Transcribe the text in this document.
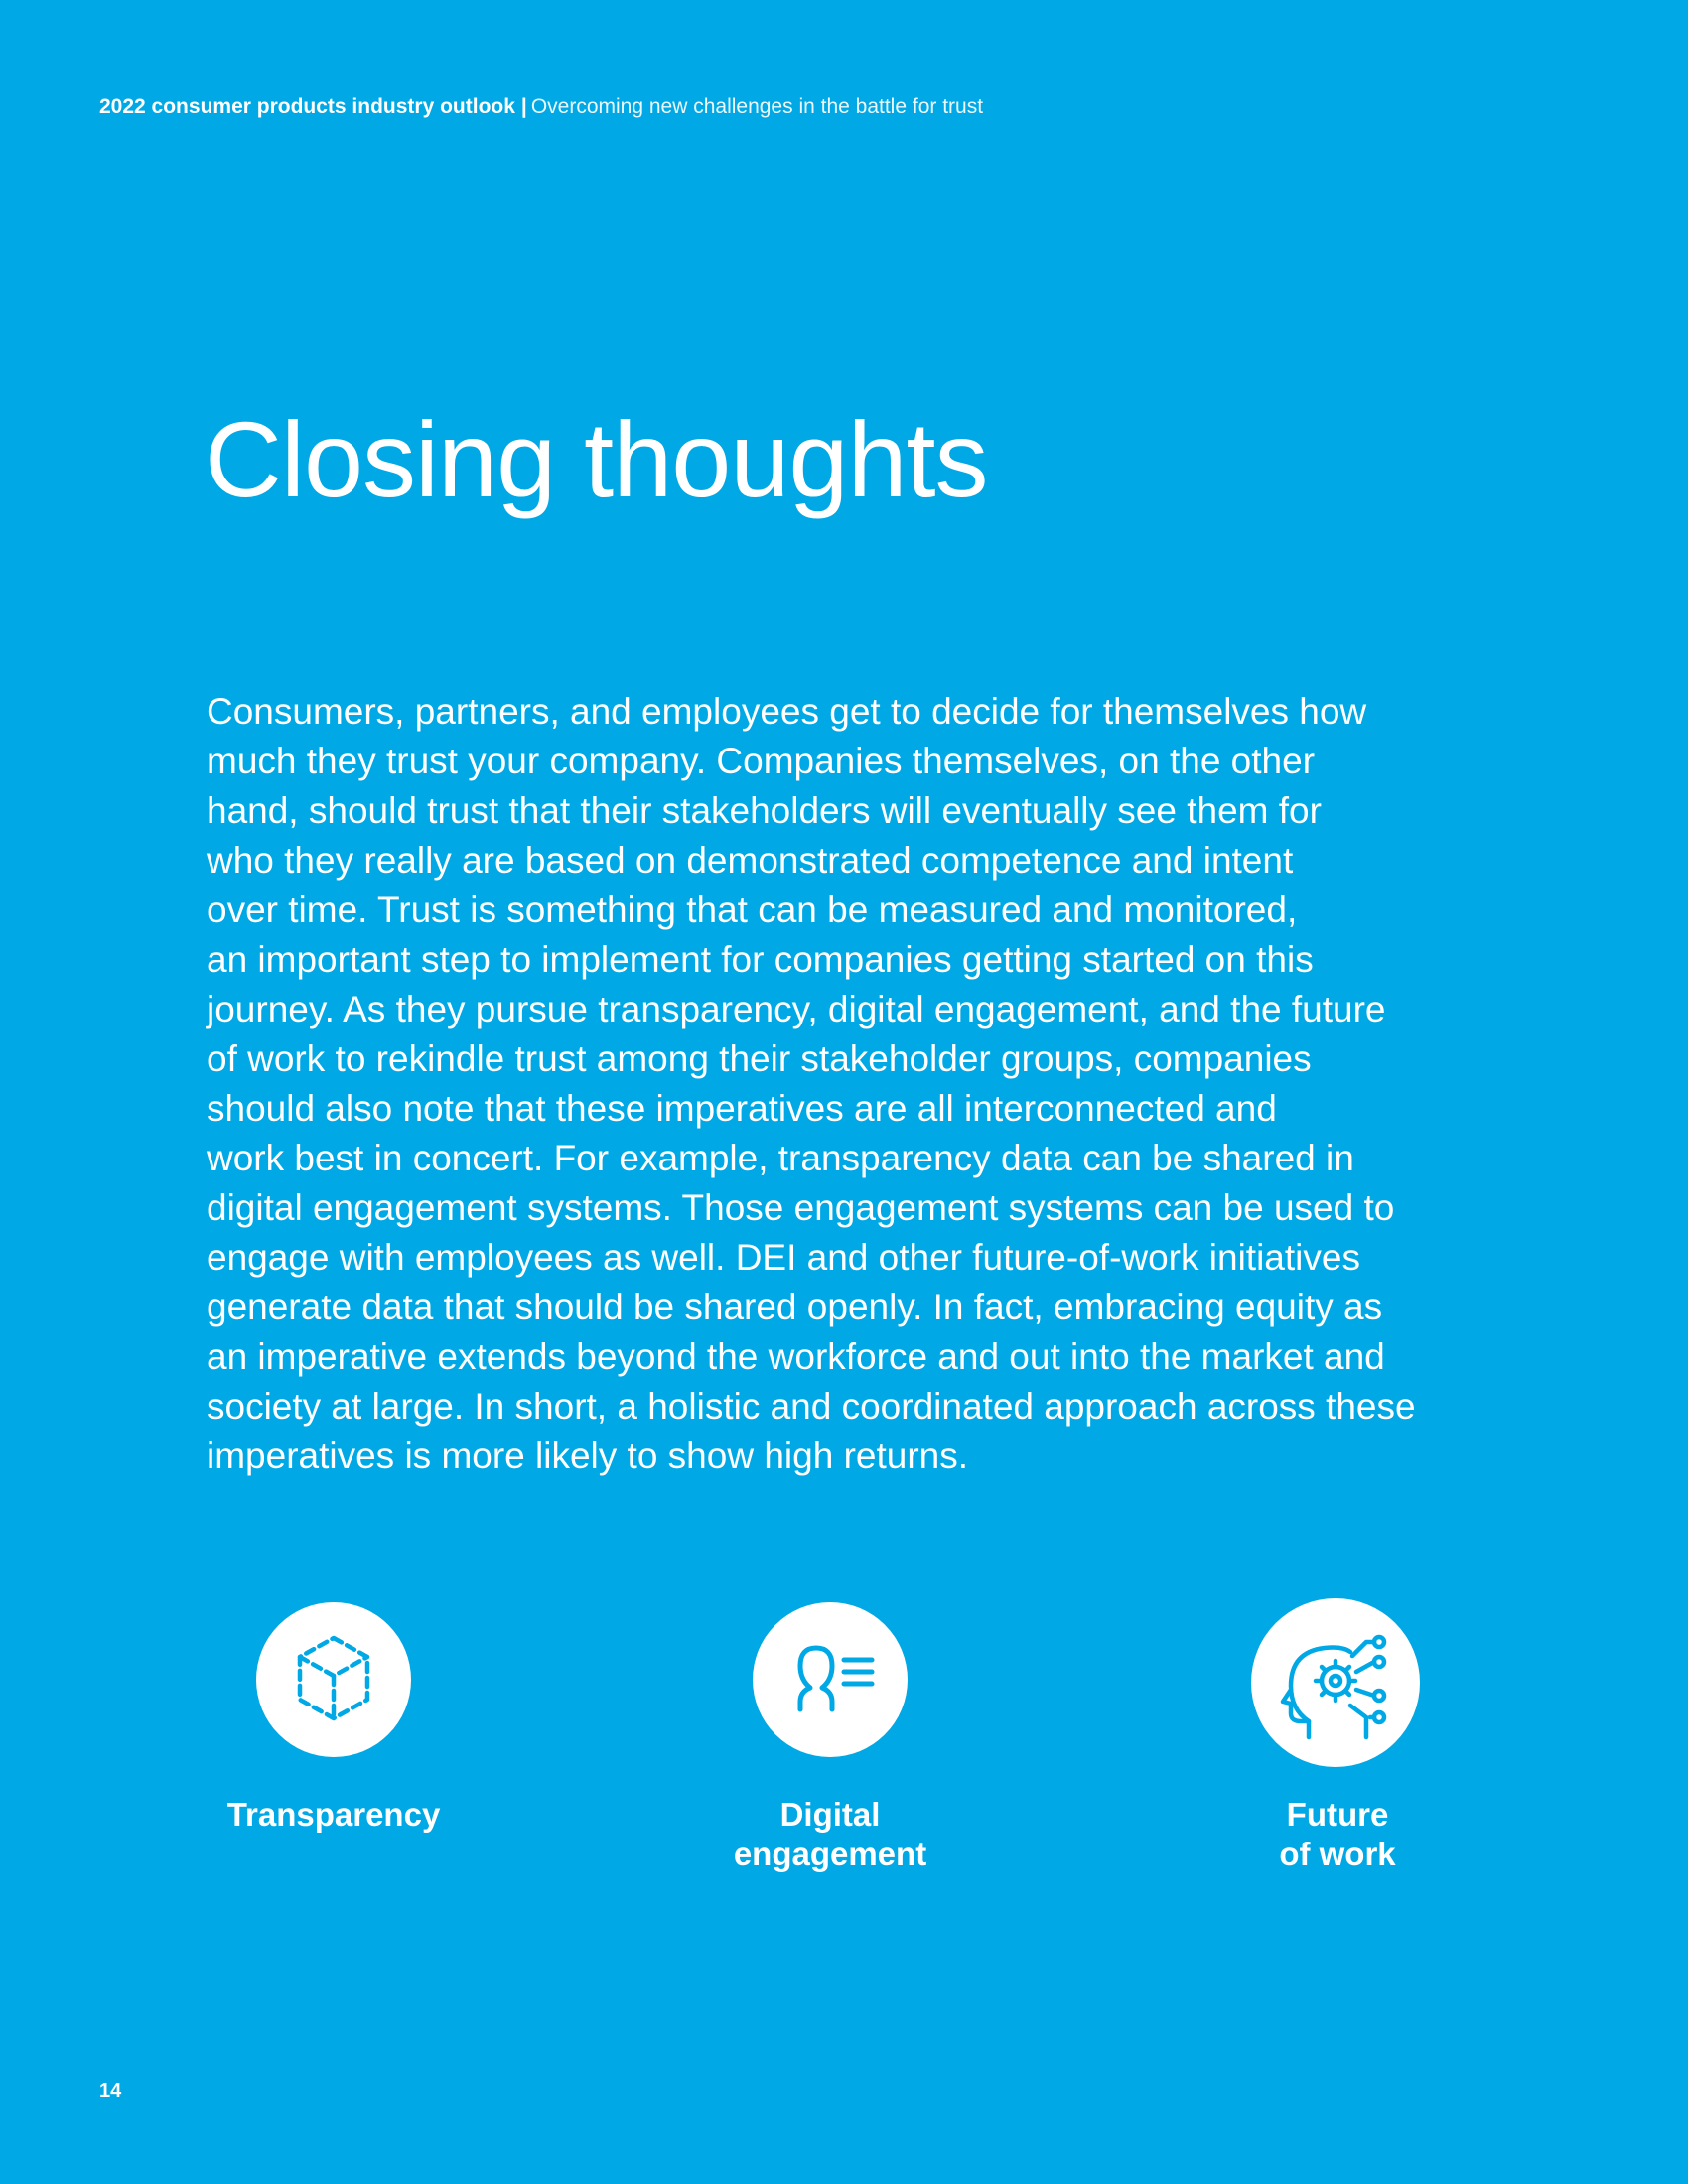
2022 consumer products industry outlook | Overcoming new challenges in the battle for trust
Closing thoughts

Consumers, partners, and employees get to decide for themselves how
much they trust your company. Companies themselves, on the other
hand, should trust that their stakeholders will eventually see them for
who they really are based on demonstrated competence and intent
over time. Trust is something that can be measured and monitored,
an important step to implement for companies getting started on this
journey. As they pursue transparency, digital engagement, and the future
of work to rekindle trust among their stakeholder groups, companies
should also note that these imperatives are all interconnected and
work best in concert. For example, transparency data can be shared in
digital engagement systems. Those engagement systems can be used to
engage with employees as well. DEI and other future-of-work initiatives
generate data that should be shared openly. In fact, embracing equity as
an imperative extends beyond the workforce and out into the market and
society at large. In short, a holistic and coordinated approach across these
imperatives is more likely to show high returns.

Transparency	Digital
engagement
Future
of work
14
